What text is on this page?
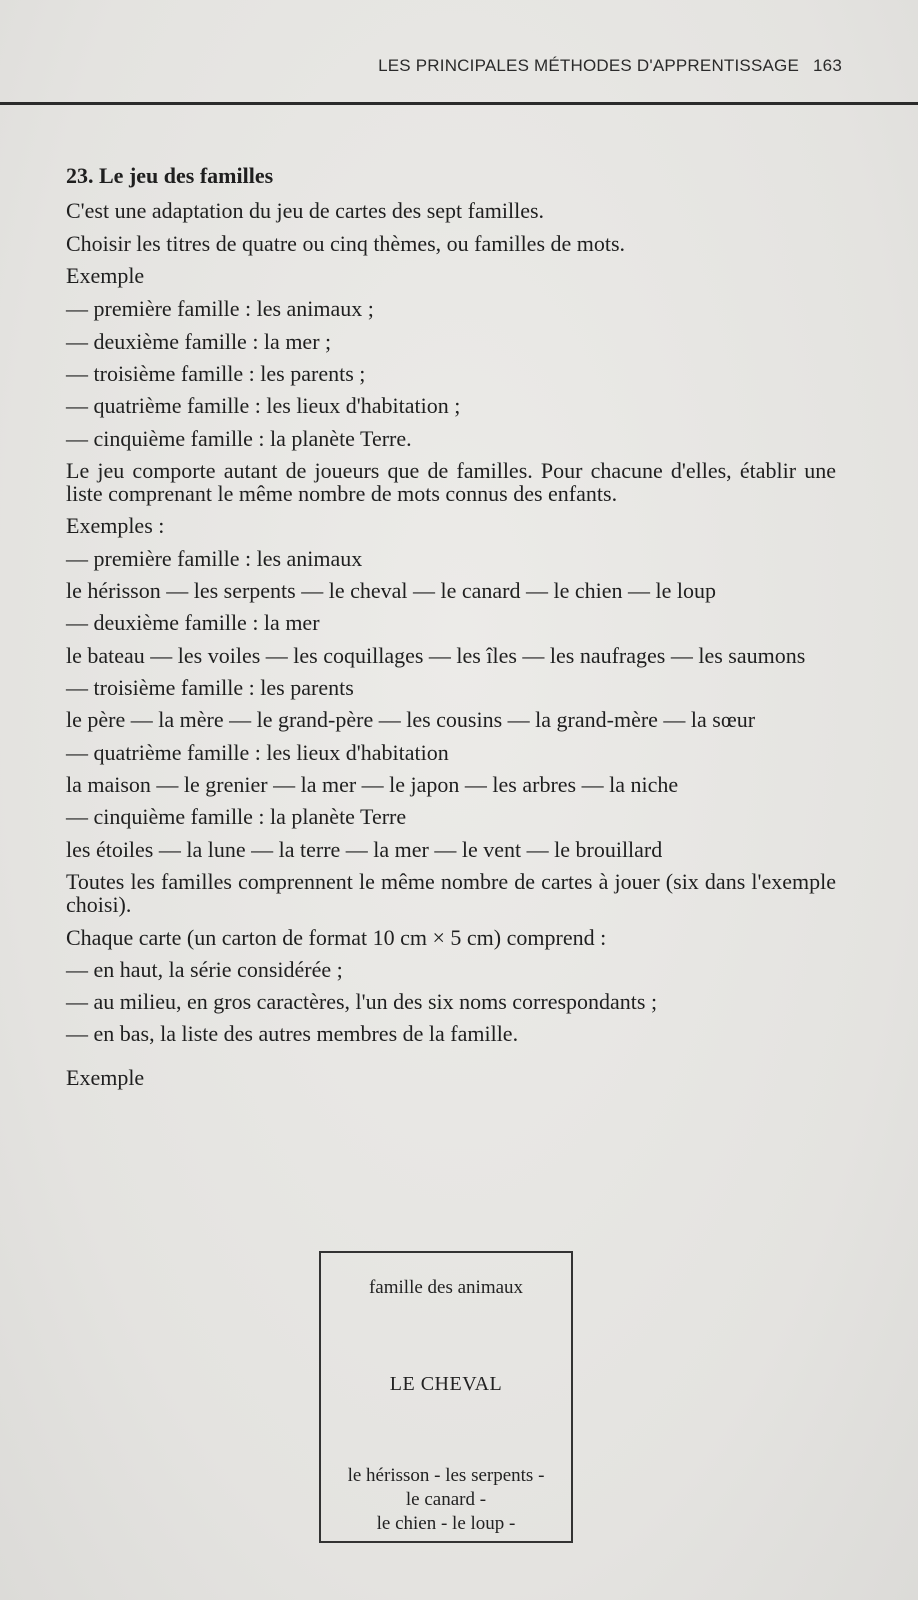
LES PRINCIPALES MÉTHODES D'APPRENTISSAGE 163
23. Le jeu des familles
C'est une adaptation du jeu de cartes des sept familles.
Choisir les titres de quatre ou cinq thèmes, ou familles de mots.
Exemple
— première famille : les animaux ;
— deuxième famille : la mer ;
— troisième famille : les parents ;
— quatrième famille : les lieux d'habitation ;
— cinquième famille : la planète Terre.
Le jeu comporte autant de joueurs que de familles. Pour chacune d'elles, établir une liste comprenant le même nombre de mots connus des enfants.
Exemples :
— première famille : les animaux
le hérisson — les serpents — le cheval — le canard — le chien — le loup
— deuxième famille : la mer
le bateau — les voiles — les coquillages — les îles — les naufrages — les saumons
— troisième famille : les parents
le père — la mère — le grand-père — les cousins — la grand-mère — la sœur
— quatrième famille : les lieux d'habitation
la maison — le grenier — la mer — le japon — les arbres — la niche
— cinquième famille : la planète Terre
les étoiles — la lune — la terre — la mer — le vent — le brouillard
Toutes les familles comprennent le même nombre de cartes à jouer (six dans l'exemple choisi).
Chaque carte (un carton de format 10 cm × 5 cm) comprend :
— en haut, la série considérée ;
— au milieu, en gros caractères, l'un des six noms correspondants ;
— en bas, la liste des autres membres de la famille.
Exemple
famille des animaux
LE CHEVAL
le hérisson - les serpents -
le canard -
le chien - le loup -
